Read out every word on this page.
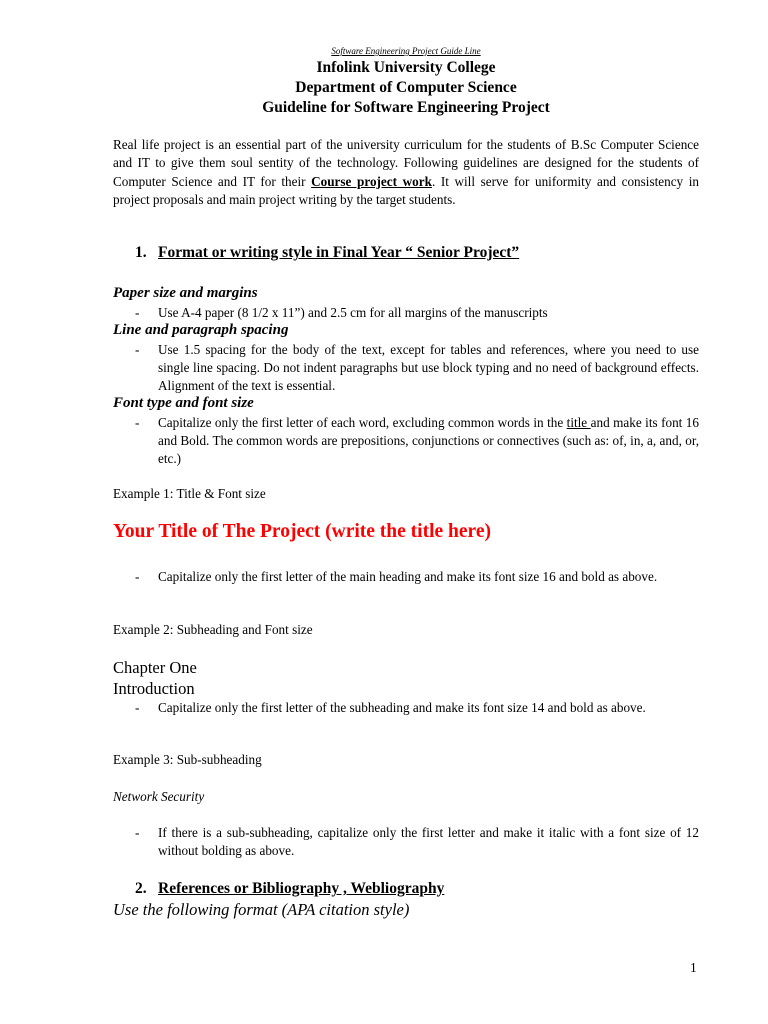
Software Engineering Project Guide Line
Infolink University College
Department of Computer Science
Guideline for Software Engineering Project
Real life project is an essential part of the university curriculum for the students of B.Sc Computer Science and IT to give them soul sentity of the technology. Following guidelines are designed for the students of Computer Science and IT for their Course project work. It will serve for uniformity and consistency in project proposals and main project writing by the target students.
1. Format or writing style in Final Year “ Senior Project”
Paper size and margins
- Use A-4 paper (8 1/2 x 11”) and 2.5 cm for all margins of the manuscripts
Line and paragraph spacing
- Use 1.5 spacing for the body of the text, except for tables and references, where you need to use single line spacing. Do not indent paragraphs but use block typing and no need of background effects. Alignment of the text is essential.
Font type and font size
- Capitalize only the first letter of each word, excluding common words in the title and make its font 16 and Bold. The common words are prepositions, conjunctions or connectives (such as: of, in, a, and, or, etc.)
Example 1: Title & Font size
Your Title of The Project (write the title here)
- Capitalize only the first letter of the main heading and make its font size 16 and bold as above.
Example 2: Subheading and Font size
Chapter One
Introduction
- Capitalize only the first letter of the subheading and make its font size 14 and bold as above.
Example 3: Sub-subheading
Network Security
- If there is a sub-subheading, capitalize only the first letter and make it italic with a font size of 12 without bolding as above.
2. References or Bibliography , Webliography
Use the following format (APA citation style)
1
